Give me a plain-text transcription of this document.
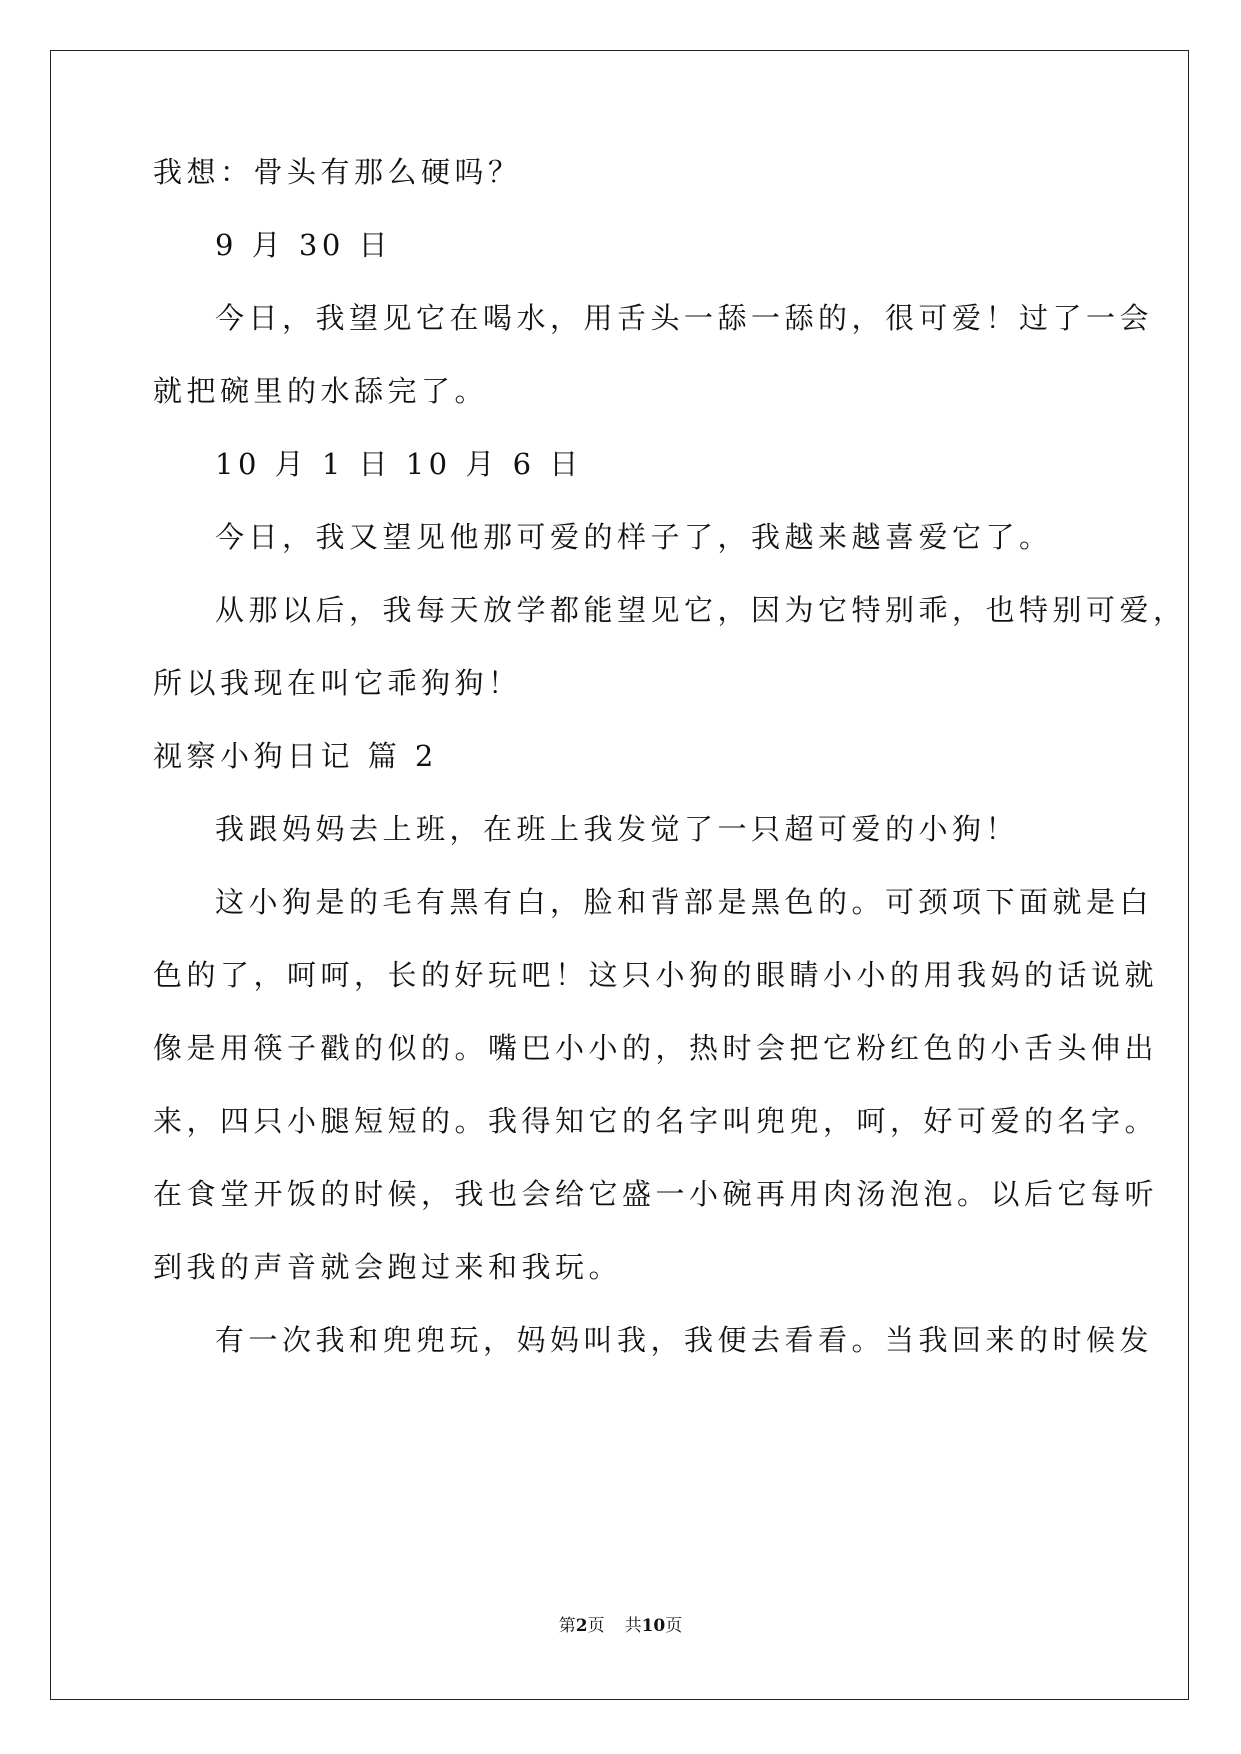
我想：骨头有那么硬吗？
9 月 30 日
今日，我望见它在喝水，用舌头一舔一舔的，很可爱！过了一会
就把碗里的水舔完了。
10 月 1 日 10 月 6 日
今日，我又望见他那可爱的样子了，我越来越喜爱它了。
从那以后，我每天放学都能望见它，因为它特别乖，也特别可爱，
所以我现在叫它乖狗狗！
视察小狗日记 篇 2
我跟妈妈去上班，在班上我发觉了一只超可爱的小狗！
这小狗是的毛有黑有白，脸和背部是黑色的。可颈项下面就是白
色的了，呵呵，长的好玩吧！这只小狗的眼睛小小的用我妈的话说就
像是用筷子戳的似的。嘴巴小小的，热时会把它粉红色的小舌头伸出
来，四只小腿短短的。我得知它的名字叫兜兜，呵，好可爱的名字。
在食堂开饭的时候，我也会给它盛一小碗再用肉汤泡泡。以后它每听
到我的声音就会跑过来和我玩。
有一次我和兜兜玩，妈妈叫我，我便去看看。当我回来的时候发
第2页 共10页
